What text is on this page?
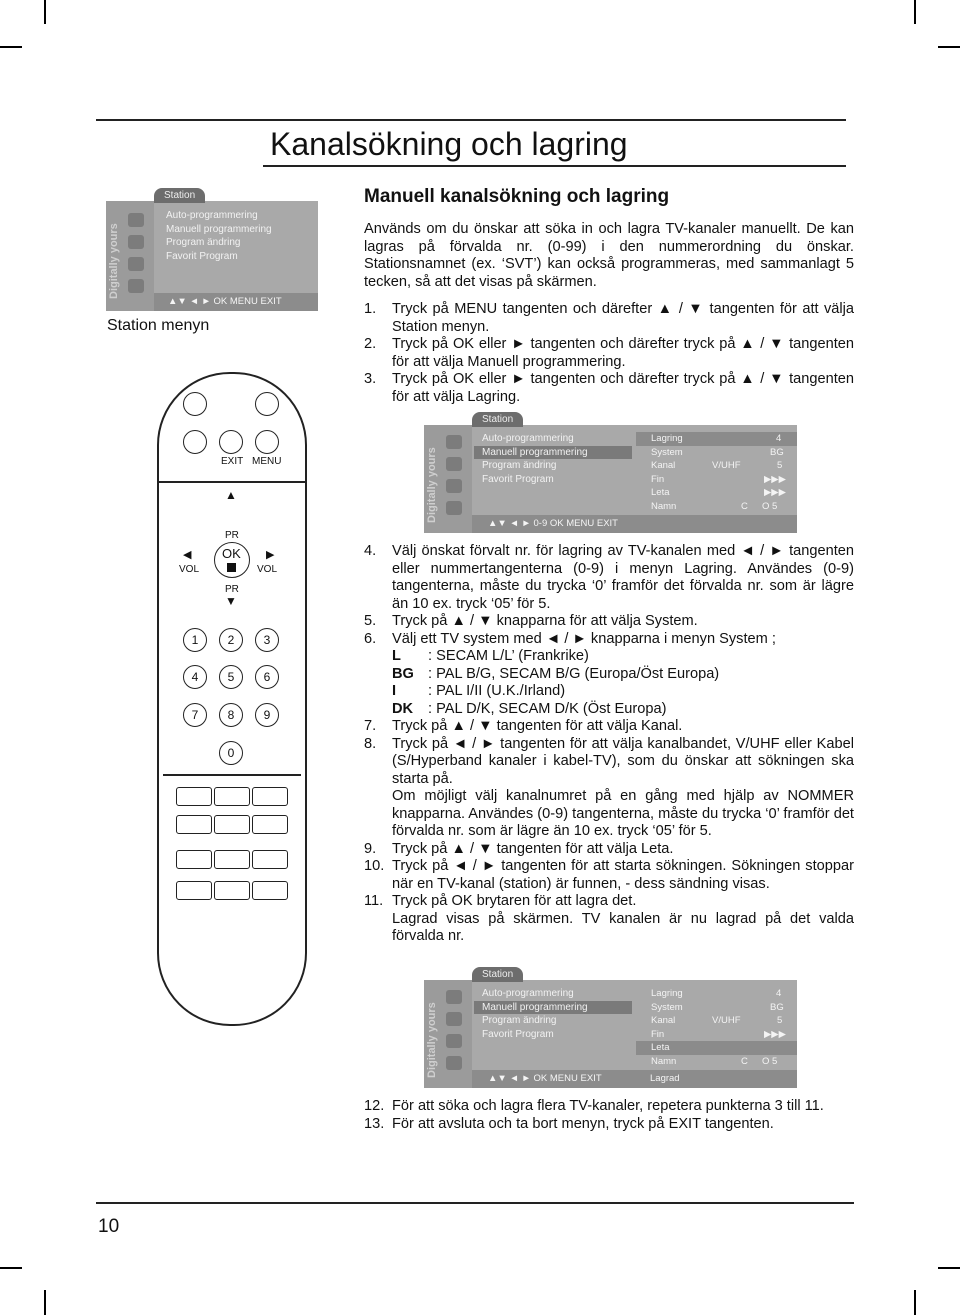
Kanalsökning och lagring
Station
Digitally yours
Auto-programmering
Manuell programmering
Program ändring
Favorit Program
▲▼ ◄ ► OK MENU EXIT
Station menyn
EXIT MENU
▲
PR
OK
◀	▶
VOL	VOL
PR
▼
1	2	3
4	5	6
7	8	9
0
Manuell kanalsökning och lagring

Används om du önskar att söka in och lagra TV-kanaler manuellt. De kan lagras på förvalda nr. (0-99) i den nummerordning du önskar. Stationsnamnet (ex. ‘SVT’) kan också programmeras, med sammanlagt 5 tecken, så att det visas på skärmen.

1.	Tryck på MENU tangenten och därefter ▲ / ▼ tangenten för att välja Station menyn.
2.	Tryck på OK eller ► tangenten och därefter tryck på ▲ / ▼ tangenten för att välja Manuell programmering.
3.	Tryck på OK eller ► tangenten och därefter tryck på ▲ / ▼ tangenten för att välja Lagring.
Station
Digitally yours
Auto-programmering
Manuell programmering
Program ändring
Favorit Program
Lagring	4
System	BG
Kanal	V/UHF	5
Fin	▶▶▶
Leta	▶▶▶
Namn	C O 5
▲▼ ◄ ► 0-9 OK MENU EXIT
4.	Välj önskat förvalt nr. för lagring av TV-kanalen med ◄ / ► tangenten eller nummertangenterna (0-9) i menyn Lagring. Användes (0-9) tangenterna, måste du trycka ‘0’ framför det förvalda nr. som är lägre än 10 ex. tryck ‘05’ för 5.
5.	Tryck på ▲ / ▼ knapparna för att välja System.
6.	Välj ett TV system med ◄ / ► knapparna i menyn System ;
L	: SECAM L/L’ (Frankrike)
BG : PAL B/G, SECAM B/G (Europa/Öst Europa)
I	: PAL I/II (U.K./Irland)
DK	: PAL D/K, SECAM D/K (Öst Europa)
7.	Tryck på ▲ / ▼ tangenten för att välja Kanal.
8.	Tryck på ◄ / ► tangenten för att välja kanalbandet, V/UHF eller Kabel (S/Hyperband kanaler i kabel-TV), som du önskar att sökningen ska starta på.
Om möjligt välj kanalnumret på en gång med hjälp av NOMMER knapparna. Användes (0-9) tangenterna, måste du trycka ‘0’ framför det förvalda nr. som är lägre än 10 ex. tryck ‘05’ för 5.
9.	Tryck på ▲ / ▼ tangenten för att välja Leta.
10. Tryck på ◄ / ► tangenten för att starta sökningen. Sökningen stoppar när en TV-kanal (station) är funnen, - dess sändning visas.
11. Tryck på OK brytaren för att lagra det.
Lagrad visas på skärmen. TV kanalen är nu lagrad på det valda förvalda nr.
Station
Digitally yours
Auto-programmering
Manuell programmering
Program ändring
Favorit Program
Lagring	4
System	BG
Kanal	V/UHF	5
Fin	▶▶▶
Leta
Namn	C O 5
▲▼ ◄ ► OK MENU EXIT	Lagrad
12. För att söka och lagra flera TV-kanaler, repetera punkterna 3 till 11.
13. För att avsluta och ta bort menyn, tryck på EXIT tangenten.
10
